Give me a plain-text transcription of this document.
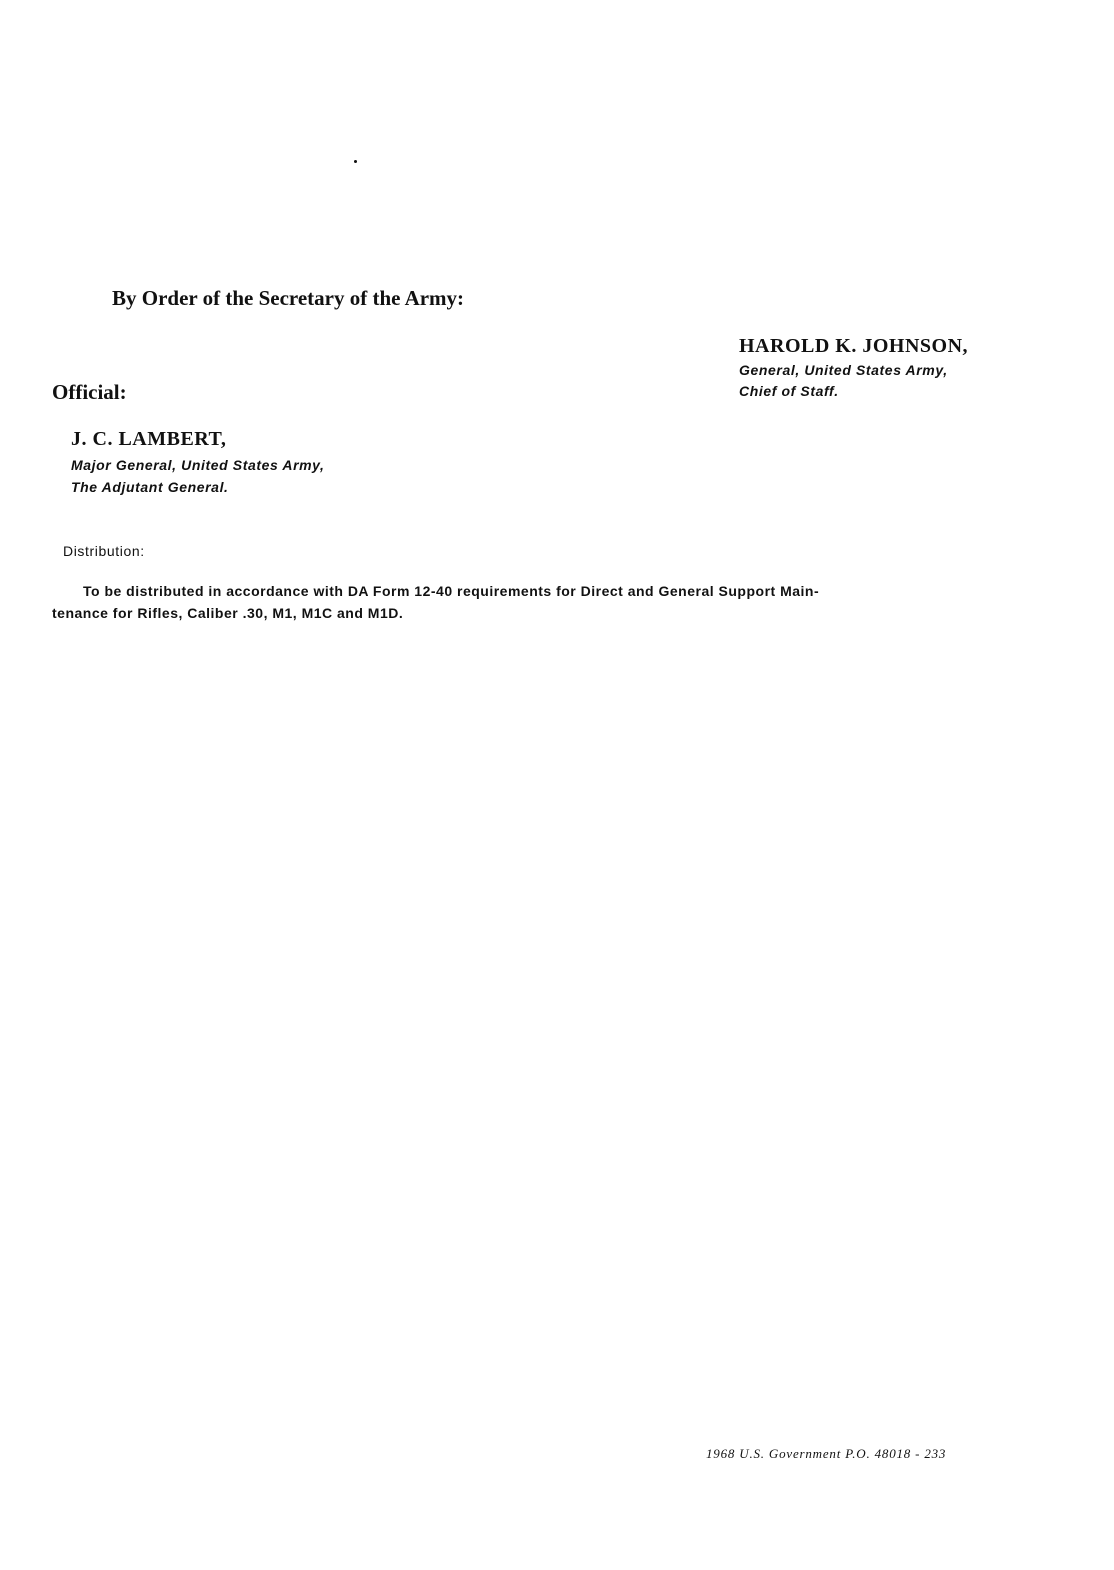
By Order of the Secretary of the Army:
HAROLD K. JOHNSON,
General, United States Army,
Chief of Staff.
Official:
J. C. LAMBERT,
Major General, United States Army,
The Adjutant General.
Distribution:
To be distributed in accordance with DA Form 12-40 requirements for Direct and General Support Main-
tenance for Rifles, Caliber .30, M1, M1C and M1D.
1968 U.S. Government P.O. 48018 - 233
